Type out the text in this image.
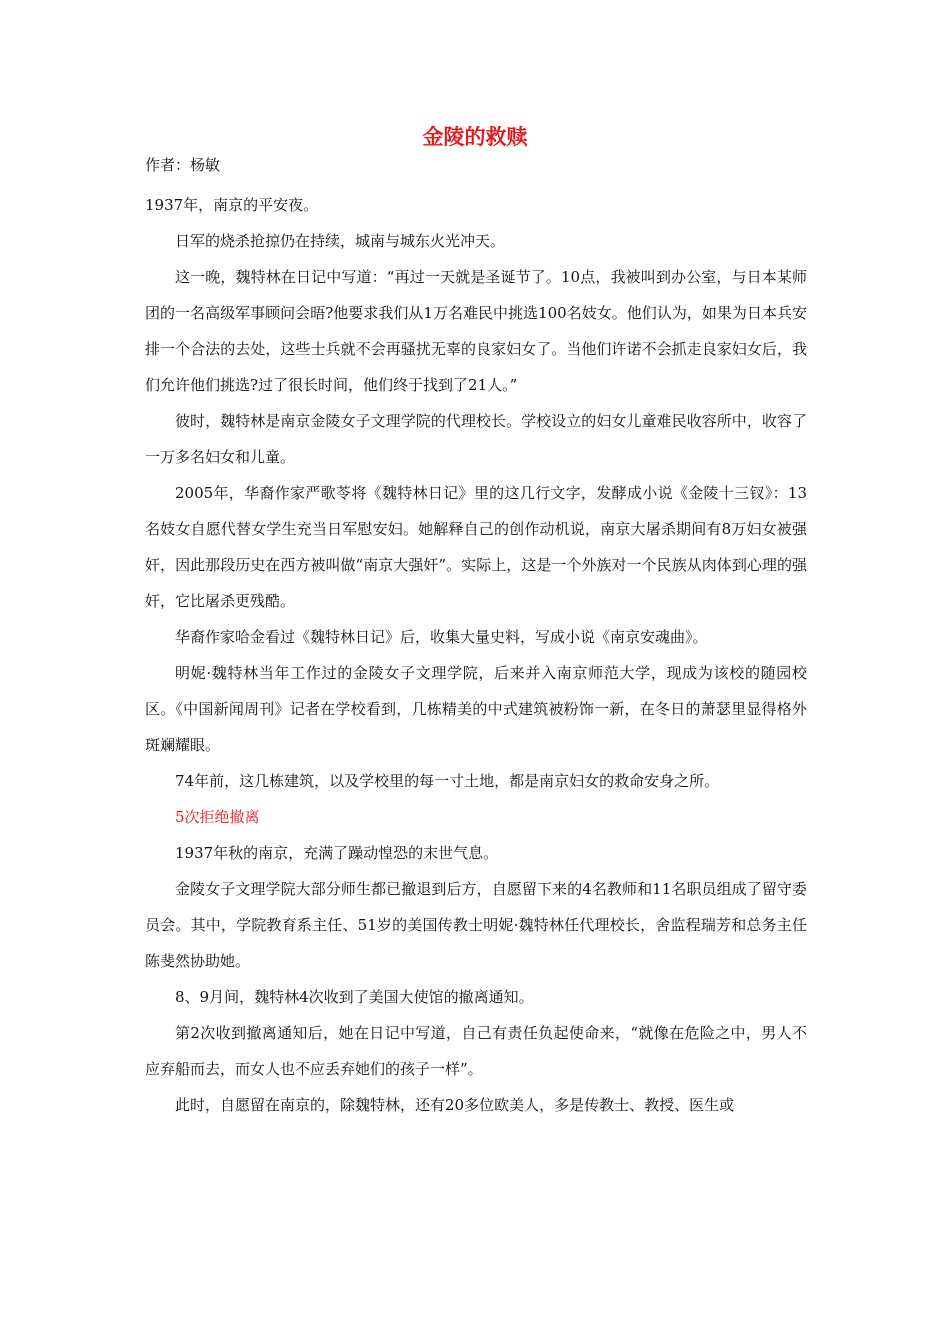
金陵的救赎
作者：杨敏

1937年，南京的平安夜。

日军的烧杀抢掠仍在持续，城南与城东火光冲天。

这一晚，魏特林在日记中写道：“再过一天就是圣诞节了。10点，我被叫到办公室，与日本某师团的一名高级军事顾问会晤?他要求我们从1万名难民中挑选100名妓女。他们认为，如果为日本兵安排一个合法的去处，这些士兵就不会再骚扰无辜的良家妇女了。当他们许诺不会抓走良家妇女后，我们允许他们挑选?过了很长时间，他们终于找到了21人。”

彼时，魏特林是南京金陵女子文理学院的代理校长。学校设立的妇女儿童难民收容所中，收容了一万多名妇女和儿童。

2005年，华裔作家严歌苓将《魏特林日记》里的这几行文字，发酵成小说《金陵十三钗》：13名妓女自愿代替女学生充当日军慰安妇。她解释自己的创作动机说，南京大屠杀期间有8万妇女被强奸，因此那段历史在西方被叫做“南京大强奸”。实际上，这是一个外族对一个民族从肉体到心理的强奸，它比屠杀更残酷。

华裔作家哈金看过《魏特林日记》后，收集大量史料，写成小说《南京安魂曲》。

明妮·魏特林当年工作过的金陵女子文理学院，后来并入南京师范大学，现成为该校的随园校区。《中国新闻周刊》记者在学校看到，几栋精美的中式建筑被粉饰一新，在冬日的萧瑟里显得格外斑斓耀眼。

74年前，这几栋建筑，以及学校里的每一寸土地，都是南京妇女的救命安身之所。

5次拒绝撤离

1937年秋的南京，充满了躁动惶恐的末世气息。

金陵女子文理学院大部分师生都已撤退到后方，自愿留下来的4名教师和11名职员组成了留守委员会。其中，学院教育系主任、51岁的美国传教士明妮·魏特林任代理校长，舍监程瑞芳和总务主任陈斐然协助她。

8、9月间，魏特林4次收到了美国大使馆的撤离通知。

第2次收到撤离通知后，她在日记中写道，自己有责任负起使命来，“就像在危险之中，男人不应弃船而去，而女人也不应丢弃她们的孩子一样”。

此时，自愿留在南京的，除魏特林，还有20多位欧美人，多是传教士、教授、医生或
